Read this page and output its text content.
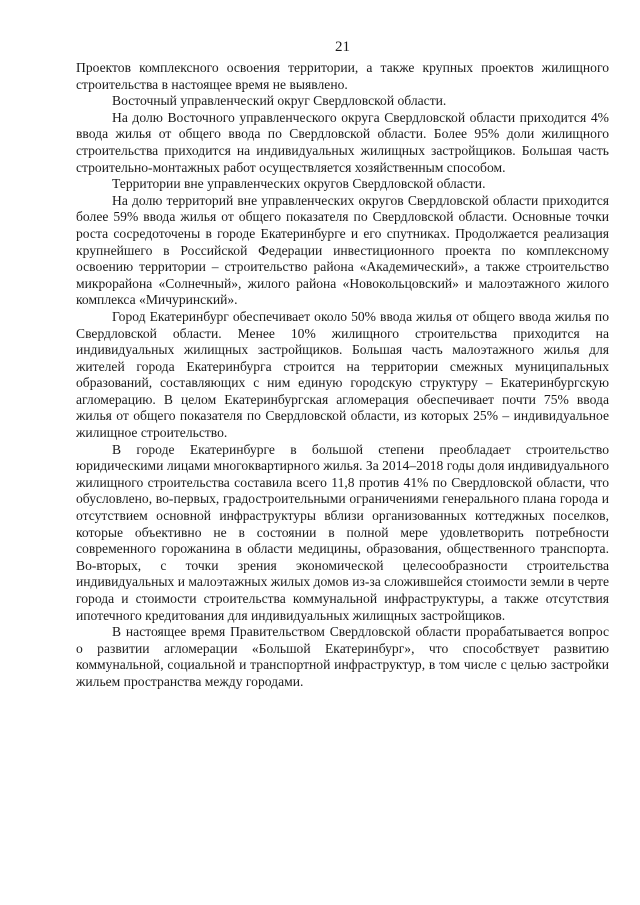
21

Проектов комплексного освоения территории, а также крупных проектов жилищного строительства в настоящее время не выявлено.

Восточный управленческий округ Свердловской области.

На долю Восточного управленческого округа Свердловской области приходится 4% ввода жилья от общего ввода по Свердловской области. Более 95% доли жилищного строительства приходится на индивидуальных жилищных застройщиков. Большая часть строительно-монтажных работ осуществляется хозяйственным способом.

Территории вне управленческих округов Свердловской области.

На долю территорий вне управленческих округов Свердловской области приходится более 59% ввода жилья от общего показателя по Свердловской области. Основные точки роста сосредоточены в городе Екатеринбурге и его спутниках. Продолжается реализация крупнейшего в Российской Федерации инвестиционного проекта по комплексному освоению территории – строительство района «Академический», а также строительство микрорайона «Солнечный», жилого района «Новокольцовский» и малоэтажного жилого комплекса «Мичуринский».

Город Екатеринбург обеспечивает около 50% ввода жилья от общего ввода жилья по Свердловской области. Менее 10% жилищного строительства приходится на индивидуальных жилищных застройщиков. Большая часть малоэтажного жилья для жителей города Екатеринбурга строится на территории смежных муниципальных образований, составляющих с ним единую городскую структуру – Екатеринбургскую агломерацию. В целом Екатеринбургская агломерация обеспечивает почти 75% ввода жилья от общего показателя по Свердловской области, из которых 25% – индивидуальное жилищное строительство.

В городе Екатеринбурге в большой степени преобладает строительство юридическими лицами многоквартирного жилья. За 2014–2018 годы доля индивидуального жилищного строительства составила всего 11,8 против 41% по Свердловской области, что обусловлено, во-первых, градостроительными ограничениями генерального плана города и отсутствием основной инфраструктуры вблизи организованных коттеджных поселков, которые объективно не в состоянии в полной мере удовлетворить потребности современного горожанина в области медицины, образования, общественного транспорта. Во-вторых, с точки зрения экономической целесообразности строительства индивидуальных и малоэтажных жилых домов из-за сложившейся стоимости земли в черте города и стоимости строительства коммунальной инфраструктуры, а также отсутствия ипотечного кредитования для индивидуальных жилищных застройщиков.

В настоящее время Правительством Свердловской области прорабатывается вопрос о развитии агломерации «Большой Екатеринбург», что способствует развитию коммунальной, социальной и транспортной инфраструктур, в том числе с целью застройки жильем пространства между городами.
